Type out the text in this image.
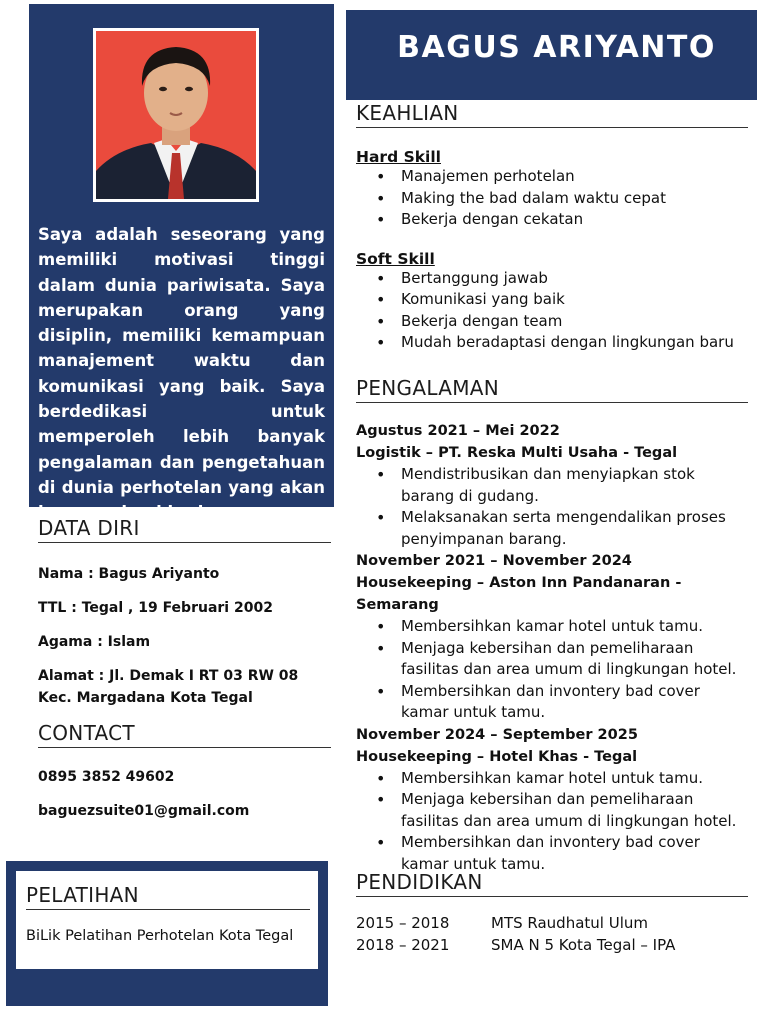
Saya adalah seseorang yang memiliki motivasi tinggi dalam dunia pariwisata. Saya merupakan orang yang disiplin, memiliki kemampuan manajement waktu dan komunikasi yang baik. Saya berdedikasi untuk memperoleh lebih banyak pengalaman dan pengetahuan di dunia perhotelan yang akan berguna bagi karir
DATA DIRI
Nama : Bagus Ariyanto
TTL : Tegal , 19 Februari 2002
Agama : Islam
Alamat : Jl. Demak I RT 03 RW 08 Kec. Margadana Kota Tegal
CONTACT
0895 3852 49602
baguezsuite01@gmail.com
PELATIHAN
BiLik Pelatihan Perhotelan Kota Tegal
BAGUS ARIYANTO
KEAHLIAN
Hard Skill
• Manajemen perhotelan
• Making the bad dalam waktu cepat
• Bekerja dengan cekatan
Soft Skill
• Bertanggung jawab
• Komunikasi yang baik
• Bekerja dengan team
• Mudah beradaptasi dengan lingkungan baru
PENGALAMAN
Agustus 2021 – Mei 2022
Logistik – PT. Reska Multi Usaha - Tegal
• Mendistribusikan dan menyiapkan stok barang di gudang.
• Melaksanakan serta mengendalikan proses penyimpanan barang.
November 2021 – November 2024
Housekeeping – Aston Inn Pandanaran - Semarang
• Membersihkan kamar hotel untuk tamu.
• Menjaga kebersihan dan pemeliharaan fasilitas dan area umum di lingkungan hotel.
• Membersihkan dan invontery bad cover kamar untuk tamu.
November 2024 – September 2025
Housekeeping – Hotel Khas - Tegal
• Membersihkan kamar hotel untuk tamu.
• Menjaga kebersihan dan pemeliharaan fasilitas dan area umum di lingkungan hotel.
• Membersihkan dan invontery bad cover kamar untuk tamu.
PENDIDIKAN
2015 – 2018	MTS Raudhatul Ulum
2018 – 2021	SMA N 5 Kota Tegal – IPA
